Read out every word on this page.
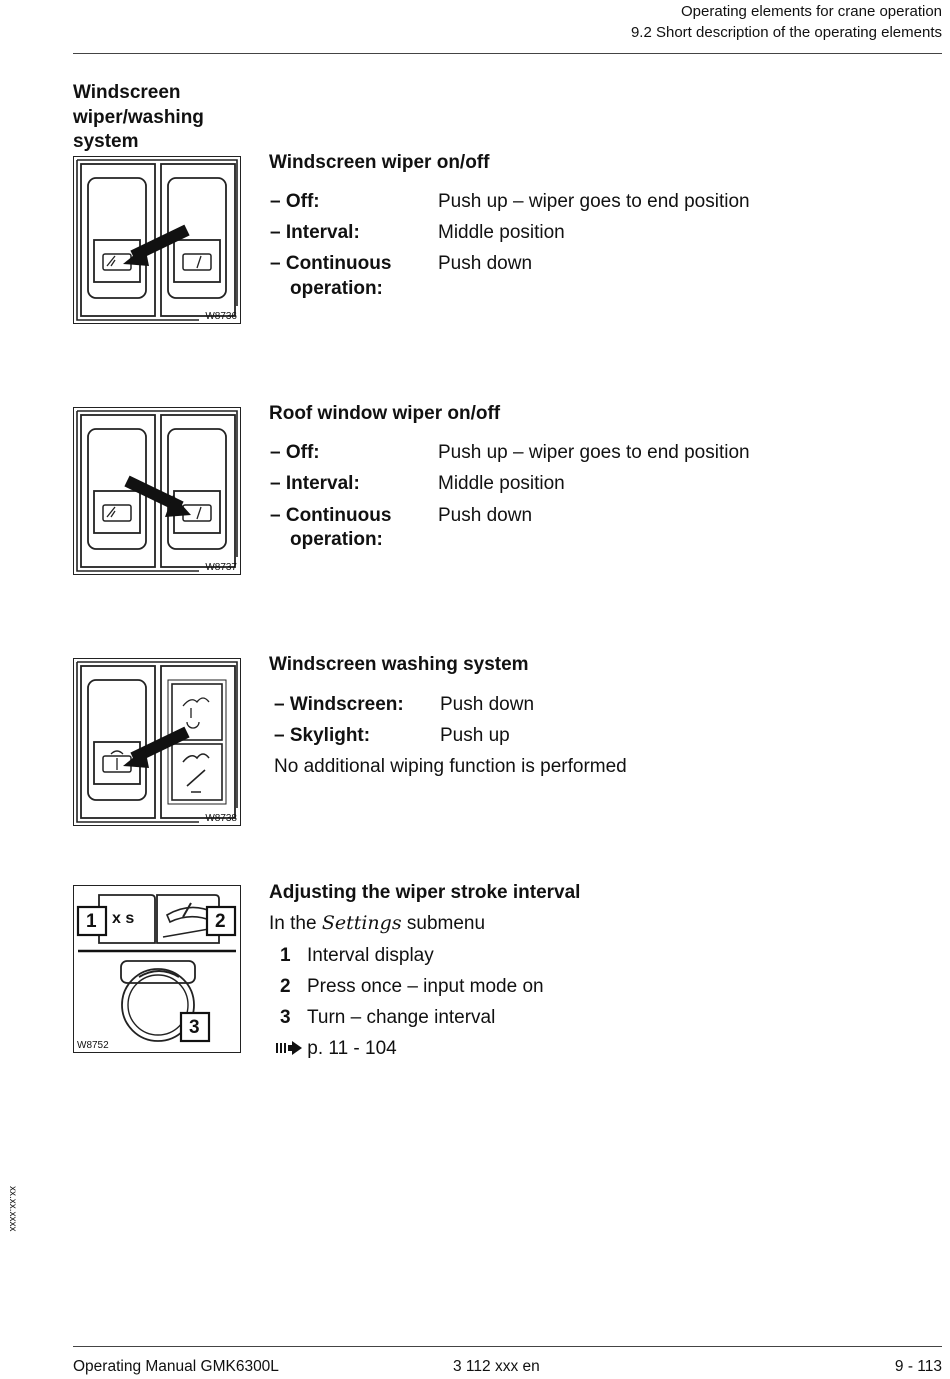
Operating elements for crane operation
9.2 Short description of the operating elements
Windscreen
wiper/washing
system
W8736
Windscreen wiper on/off
– Off:	Push up – wiper goes to end position
– Interval:	Middle position
– Continuous
operation:
Push down
W8737
Roof window wiper on/off
– Off:	Push up – wiper goes to end position
– Interval:	Middle position
– Continuous
operation:
Push down
W8738
Windscreen washing system
– Windscreen: Push down
– Skylight:	Push up
No additional wiping function is performed
1 x s	2
3
W8752
Adjusting the wiper stroke interval
In the Settings submenu
1 Interval display
2 Press once – input mode on
3 Turn – change interval
p. 11 - 104
xx.xx.xxxx
Operating Manual GMK6300L	3 112 xxx en	9 - 113
